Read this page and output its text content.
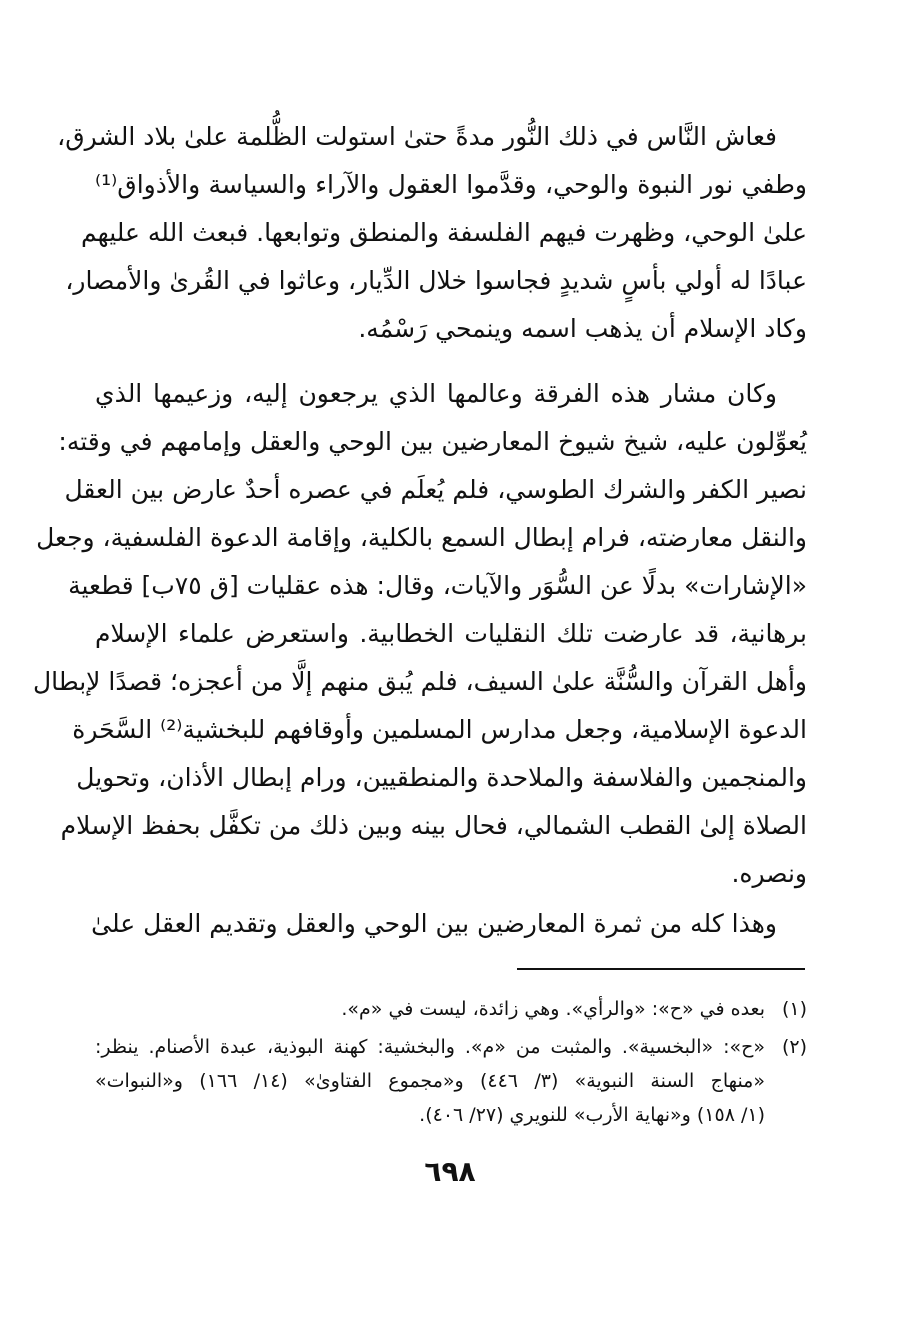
فعاش النَّاس في ذلك النُّور مدةً حتىٰ استولت الظُّلمة علىٰ بلاد الشرق،
وطفي نور النبوة والوحي، وقدَّموا العقول والآراء والسياسة والأذواق⁽¹⁾
علىٰ الوحي، وظهرت فيهم الفلسفة والمنطق وتوابعها. فبعث الله عليهم
عبادًا له أولي بأسٍ شديدٍ فجاسوا خلال الدِّيار، وعاثوا في القُرىٰ والأمصار،
وكاد الإسلام أن يذهب اسمه وينمحي رَسْمُه.
وكان مشار هذه الفرقة وعالمها الذي يرجعون إليه، وزعيمها الذي
يُعوِّلون عليه، شيخ شيوخ المعارضين بين الوحي والعقل وإمامهم في وقته:
نصير الكفر والشرك الطوسي، فلم يُعلَم في عصره أحدٌ عارض بين العقل
والنقل معارضته، فرام إبطال السمع بالكلية، وإقامة الدعوة الفلسفية، وجعل
«الإشارات» بدلًا عن السُّوَر والآيات، وقال: هذه عقليات [ق ٧٥ب] قطعية
برهانية، قد عارضت تلك النقليات الخطابية. واستعرض علماء الإسلام
وأهل القرآن والسُّنَّة علىٰ السيف، فلم يُبق منهم إلَّا من أعجزه؛ قصدًا لإبطال
الدعوة الإسلامية، وجعل مدارس المسلمين وأوقافهم للبخشية⁽²⁾ السَّحَرة
والمنجمين والفلاسفة والملاحدة والمنطقيين، ورام إبطال الأذان، وتحويل
الصلاة إلىٰ القطب الشمالي، فحال بينه وبين ذلك من تكفَّل بحفظ الإسلام
ونصره.
وهذا كله من ثمرة المعارضين بين الوحي والعقل وتقديم العقل علىٰ
(١)
بعده في «ح»: «والرأي». وهي زائدة، ليست في «م».
(٢)
«ح»: «البخسية». والمثبت من «م». والبخشية: كهنة البوذية، عبدة الأصنام. ينظر:
«منهاج السنة النبوية» (٣/ ٤٤٦) و«مجموع الفتاوىٰ» (١٤/ ١٦٦) و«النبوات»
(١/ ١٥٨) و«نهاية الأرب» للنويري (٢٧/ ٤٠٦).
٦٩٨
